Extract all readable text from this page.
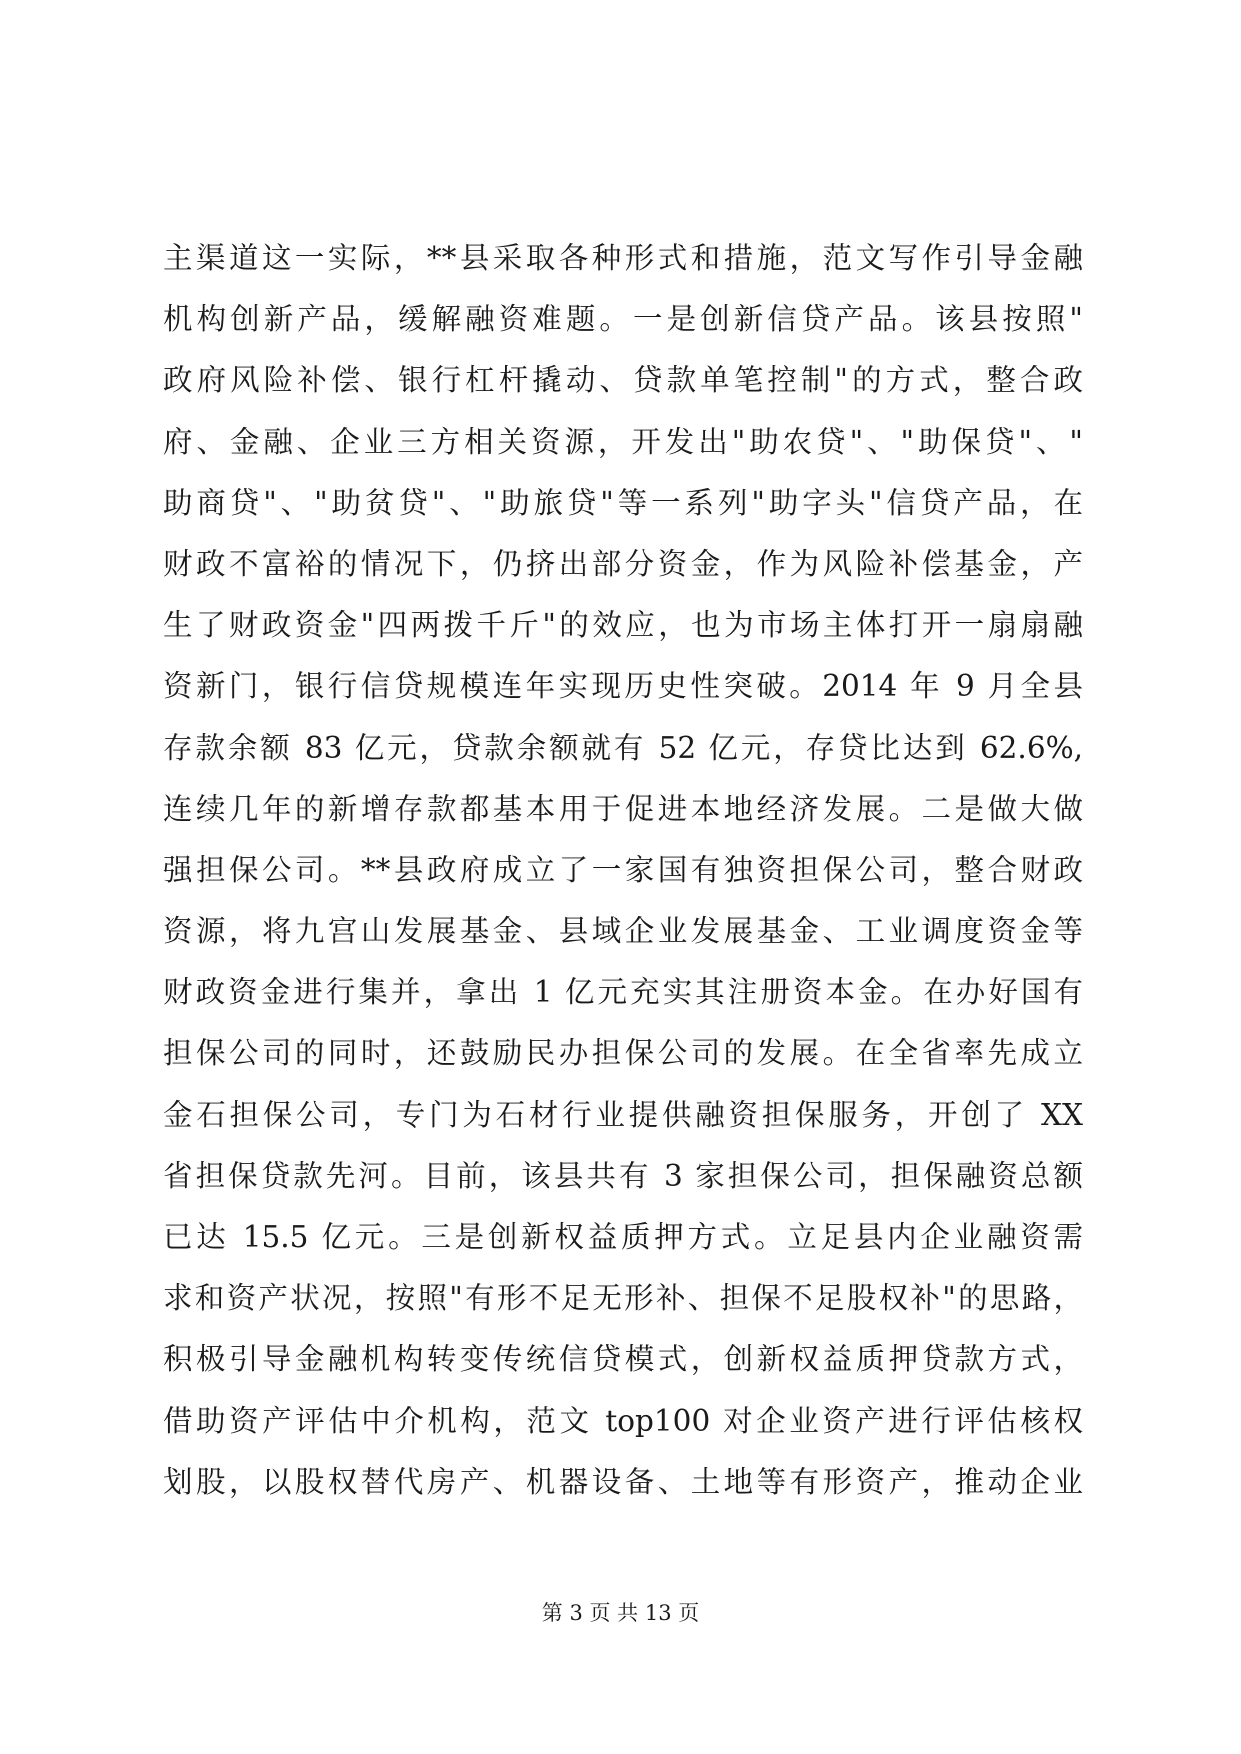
主渠道这一实际，**县采取各种形式和措施，范文写作引导金融
机构创新产品，缓解融资难题。一是创新信贷产品。该县按照"
政府风险补偿、银行杠杆撬动、贷款单笔控制"的方式，整合政
府、金融、企业三方相关资源，开发出"助农贷"、"助保贷"、"
助商贷"、"助贫贷"、"助旅贷"等一系列"助字头"信贷产品，在
财政不富裕的情况下，仍挤出部分资金，作为风险补偿基金，产
生了财政资金"四两拨千斤"的效应，也为市场主体打开一扇扇融
资新门，银行信贷规模连年实现历史性突破。2014 年 9 月全县
存款余额 83 亿元，贷款余额就有 52 亿元，存贷比达到 62.6%,
连续几年的新增存款都基本用于促进本地经济发展。二是做大做
强担保公司。**县政府成立了一家国有独资担保公司，整合财政
资源，将九宫山发展基金、县域企业发展基金、工业调度资金等
财政资金进行集并，拿出 1 亿元充实其注册资本金。在办好国有
担保公司的同时，还鼓励民办担保公司的发展。在全省率先成立
金石担保公司，专门为石材行业提供融资担保服务，开创了 XX
省担保贷款先河。目前，该县共有 3 家担保公司，担保融资总额
已达 15.5 亿元。三是创新权益质押方式。立足县内企业融资需
求和资产状况，按照"有形不足无形补、担保不足股权补"的思路，
积极引导金融机构转变传统信贷模式，创新权益质押贷款方式，
借助资产评估中介机构，范文 top100 对企业资产进行评估核权
划股，以股权替代房产、机器设备、土地等有形资产，推动企业
第 3 页 共 13 页
